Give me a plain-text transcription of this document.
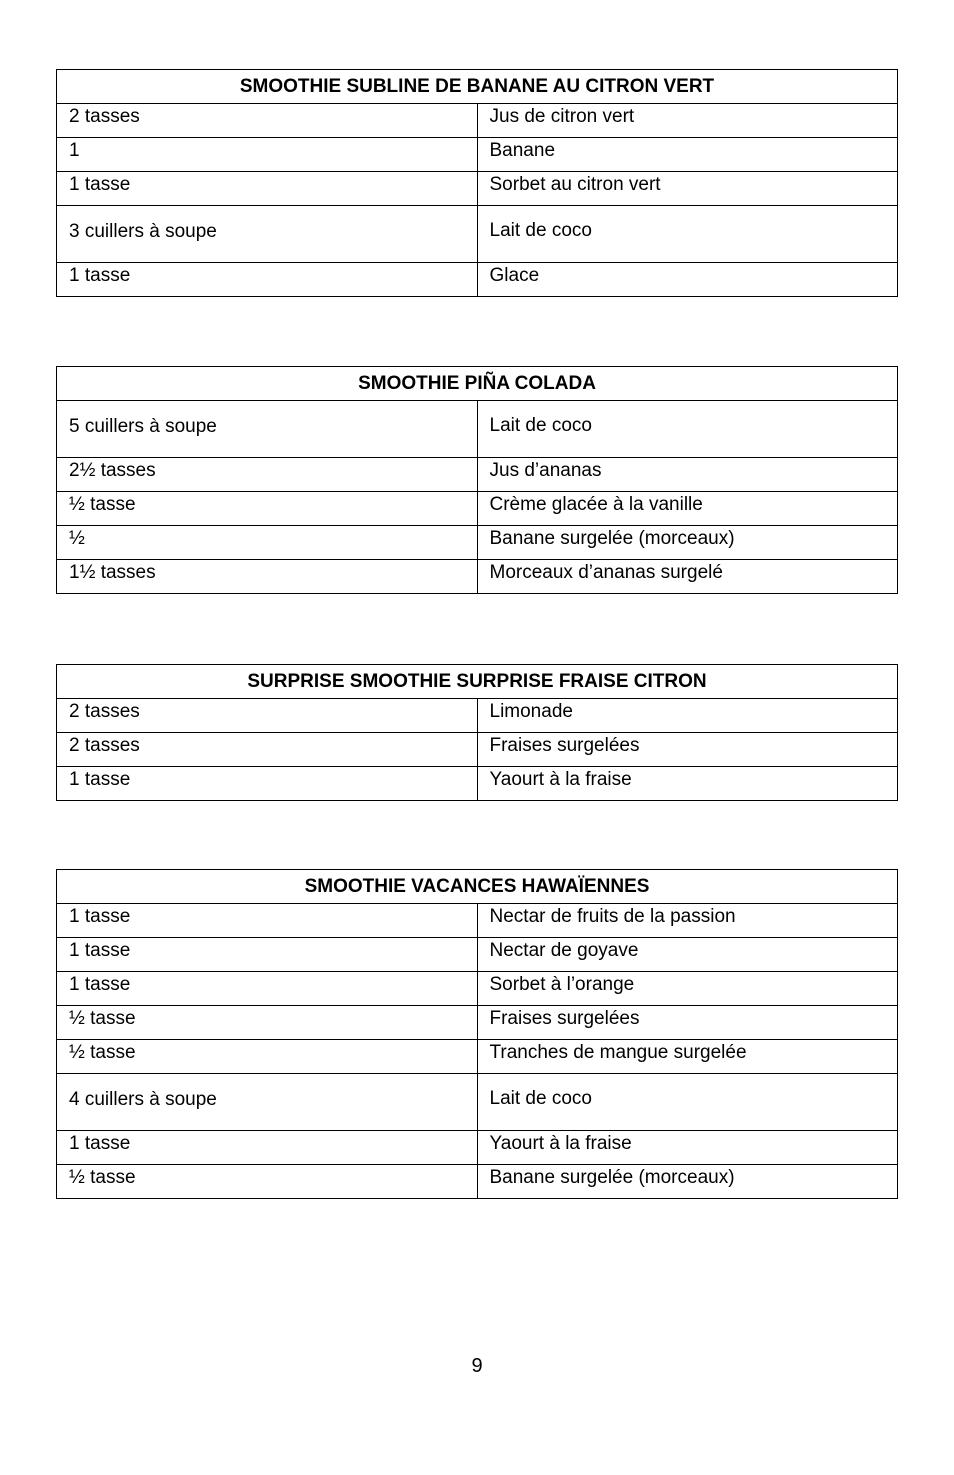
SMOOTHIE SUBLINE DE BANANE AU CITRON VERT	

2 tasses	Jus de citron vert

1	Banane

1 tasse	Sorbet au citron vert

3 cuillers à soupe	Lait de coco

1 tasse	Glace
SMOOTHIE PIÑA COLADA	

5 cuillers à soupe	Lait de coco

2½ tasses	Jus d’ananas

½ tasse	Crème glacée à la vanille

½	Banane surgelée (morceaux)

1½ tasses	Morceaux d’ananas surgelé
SURPRISE SMOOTHIE SURPRISE FRAISE CITRON	

2 tasses	Limonade

2 tasses	Fraises surgelées

1 tasse	Yaourt à la fraise
SMOOTHIE VACANCES HAWAÏENNES	

1 tasse	Nectar de fruits de la passion

1 tasse	Nectar de goyave

1 tasse	Sorbet à l’orange

½ tasse	Fraises surgelées

½ tasse	Tranches de mangue surgelée

4 cuillers à soupe	Lait de coco

1 tasse	Yaourt à la fraise

½ tasse	Banane surgelée (morceaux)
9
